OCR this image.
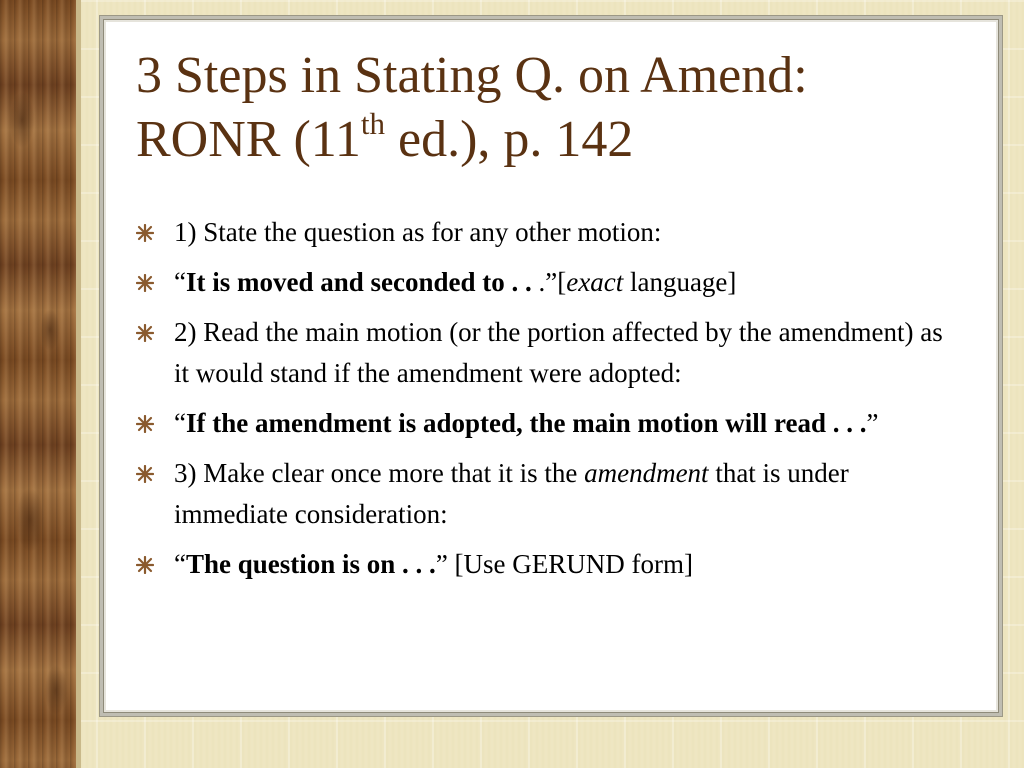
3 Steps in Stating Q. on Amend:
RONR (11th ed.), p. 142
1) State the question as for any other motion:
“It is moved and seconded to . . .”[exact language]
2) Read the main motion (or the portion affected by the amendment) as it would stand if the amendment were adopted:
“If the amendment is adopted, the main motion will read . . .”
3) Make clear once more that it is the amendment that is under immediate consideration:
“The question is on . . .” [Use GERUND form]
